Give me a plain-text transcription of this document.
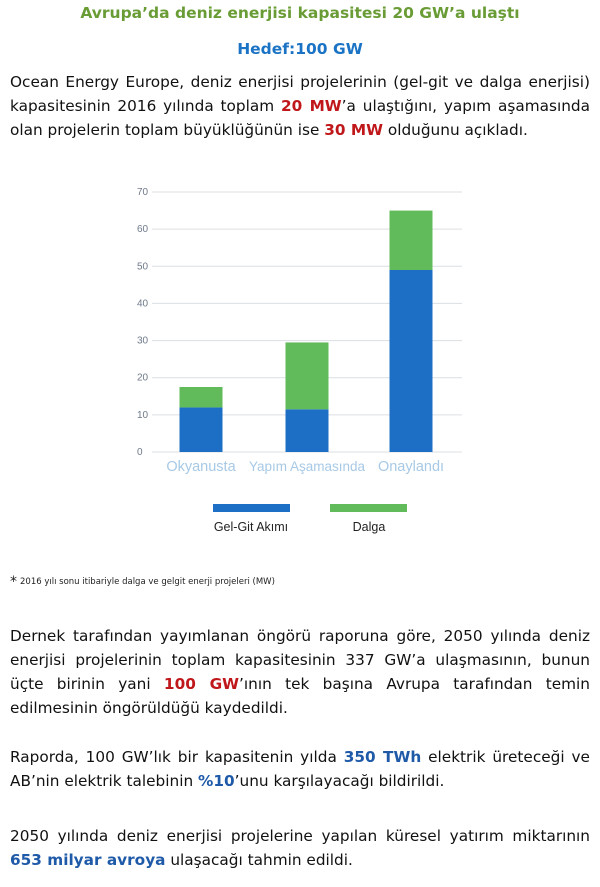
Avrupa’da deniz enerjisi kapasitesi 20 GW’a ulaştı
Hedef:100 GW
Ocean Energy Europe, deniz enerjisi projelerinin (gel-git ve dalga enerjisi) kapasitesinin 2016 yılında toplam 20 MW’a ulaştığını, yapım aşamasında olan projelerin toplam büyüklüğünün ise 30 MW olduğunu açıkladı.
0
10
20
30
40
50
60
70
Okyanusta Yapım Aşamasında Onaylandı
Gel-Git Akımı	Dalga
* 2016 yılı sonu itibariyle dalga ve gelgit enerji projeleri (MW)
Dernek tarafından yayımlanan öngörü raporuna göre, 2050 yılında deniz enerjisi projelerinin toplam kapasitesinin 337 GW’a ulaşmasının, bunun üçte birinin yani 100 GW’ının tek başına Avrupa tarafından temin edilmesinin öngörüldüğü kaydedildi.
Raporda, 100 GW’lık bir kapasitenin yılda 350 TWh elektrik üreteceği ve AB’nin elektrik talebinin %10’unu karşılayacağı bildirildi.
2050 yılında deniz enerjisi projelerine yapılan küresel yatırım miktarının 653 milyar avroya ulaşacağı tahmin edildi.
